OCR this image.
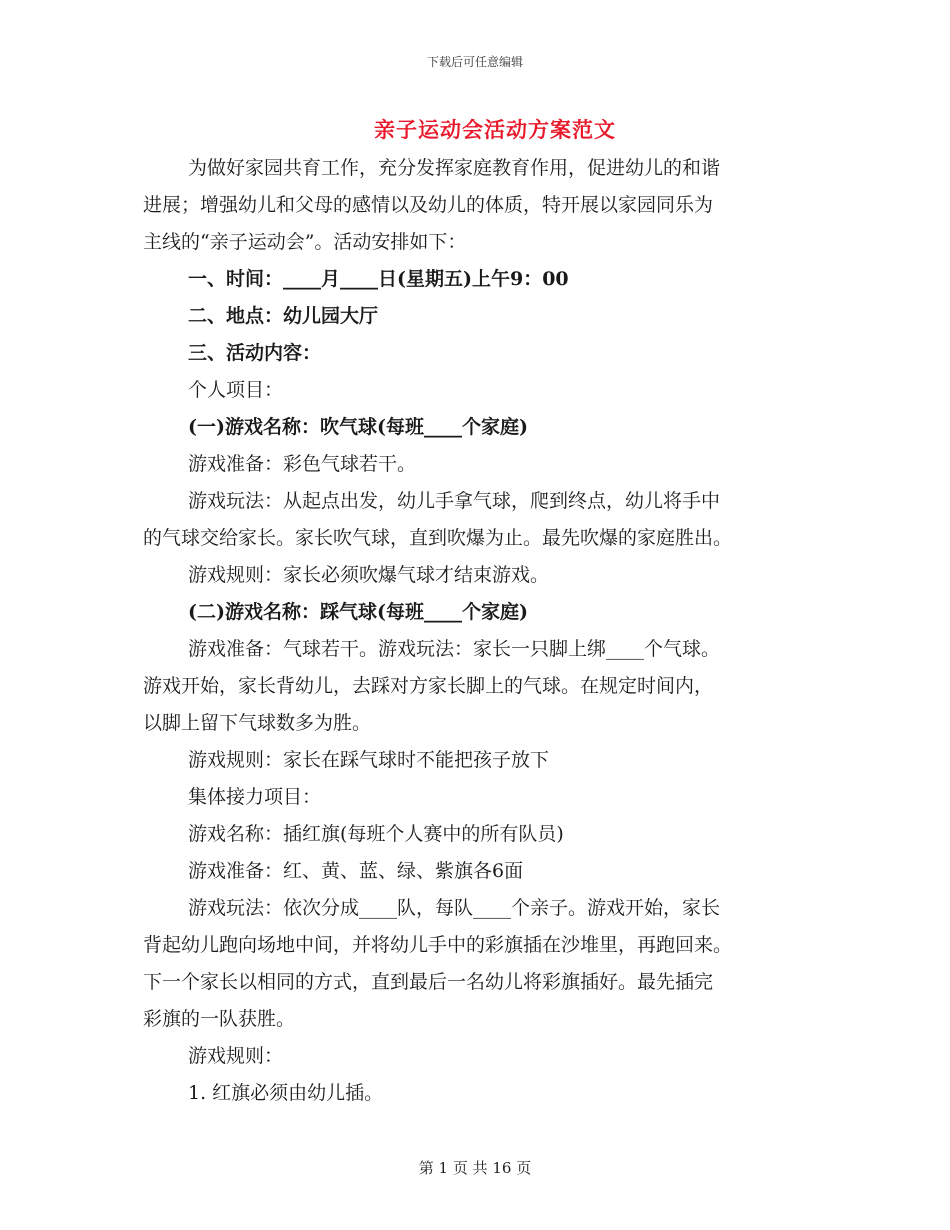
下载后可任意编辑
亲子运动会活动方案范文

为做好家园共育工作，充分发挥家庭教育作用，促进幼儿的和谐

进展；增强幼儿和父母的感情以及幼儿的体质，特开展以家园同乐为

主线的“亲子运动会”。活动安排如下：

一、时间：____月____日(星期五)上午9：00

二、地点：幼儿园大厅

三、活动内容：

个人项目：

(一)游戏名称：吹气球(每班____个家庭)

游戏准备：彩色气球若干。

游戏玩法：从起点出发，幼儿手拿气球，爬到终点，幼儿将手中

的气球交给家长。家长吹气球，直到吹爆为止。最先吹爆的家庭胜出。

游戏规则：家长必须吹爆气球才结束游戏。

(二)游戏名称：踩气球(每班____个家庭)

游戏准备：气球若干。游戏玩法：家长一只脚上绑____个气球。

游戏开始，家长背幼儿，去踩对方家长脚上的气球。在规定时间内，

以脚上留下气球数多为胜。

游戏规则：家长在踩气球时不能把孩子放下

集体接力项目：

游戏名称：插红旗(每班个人赛中的所有队员)

游戏准备：红、黄、蓝、绿、紫旗各6面

游戏玩法：依次分成____队，每队____个亲子。游戏开始，家长

背起幼儿跑向场地中间，并将幼儿手中的彩旗插在沙堆里，再跑回来。

下一个家长以相同的方式，直到最后一名幼儿将彩旗插好。最先插完

彩旗的一队获胜。

游戏规则：

1. 红旗必须由幼儿插。

第 1 页 共 16 页
